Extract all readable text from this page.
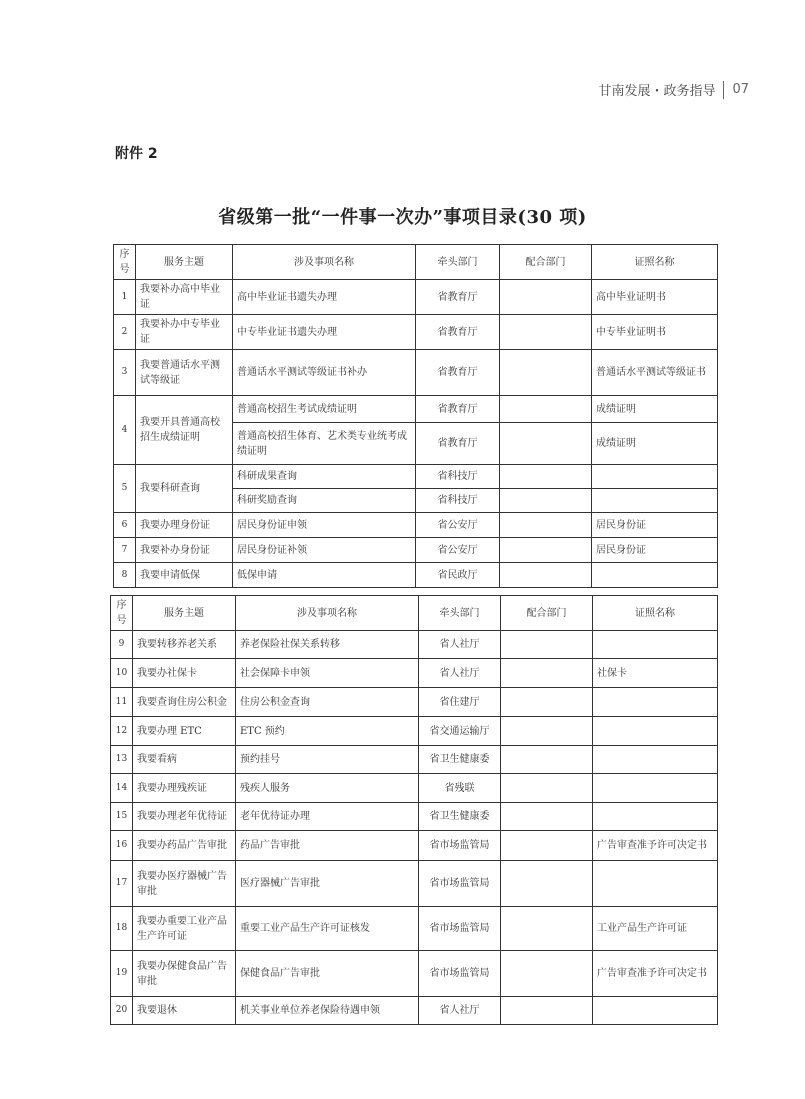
甘南发展・政务指导 07
附件 2
省级第一批“一件事一次办”事项目录(30 项)
序号	服务主题	涉及事项名称	牵头部门	配合部门	证照名称
1	我要补办高中毕业证	高中毕业证书遗失办理	省教育厅		高中毕业证明书
2	我要补办中专毕业证	中专毕业证书遗失办理	省教育厅		中专毕业证明书
3	我要普通话水平测试等级证	普通话水平测试等级证书补办	省教育厅		普通话水平测试等级证书
4	我要开具普通高校招生成绩证明	普通高校招生考试成绩证明	省教育厅		成绩证明
		普通高校招生体育、艺术类专业统考成绩证明	省教育厅		成绩证明
5	我要科研查询	科研成果查询	省科技厅		
		科研奖励查询	省科技厅		
6	我要办理身份证	居民身份证申领	省公安厅		居民身份证
7	我要补办身份证	居民身份证补领	省公安厅		居民身份证
8	我要申请低保	低保申请	省民政厅		
序号	服务主题	涉及事项名称	牵头部门	配合部门	证照名称
9	我要转移养老关系	养老保险社保关系转移	省人社厅		
10	我要办社保卡	社会保障卡申领	省人社厅		社保卡
11	我要查询住房公积金	住房公积金查询	省住建厅		
12	我要办理 ETC	ETC 预约	省交通运输厅		
13	我要看病	预约挂号	省卫生健康委		
14	我要办理残疾证	残疾人服务	省残联		
15	我要办理老年优待证	老年优待证办理	省卫生健康委		
16	我要办药品广告审批	药品广告审批	省市场监管局		广告审查准予许可决定书
17	我要办医疗器械广告审批	医疗器械广告审批	省市场监管局		
18	我要办重要工业产品生产许可证	重要工业产品生产许可证核发	省市场监管局		工业产品生产许可证
19	我要办保健食品广告审批	保健食品广告审批	省市场监管局		广告审查准予许可决定书
20	我要退休	机关事业单位养老保险待遇申领	省人社厅		
